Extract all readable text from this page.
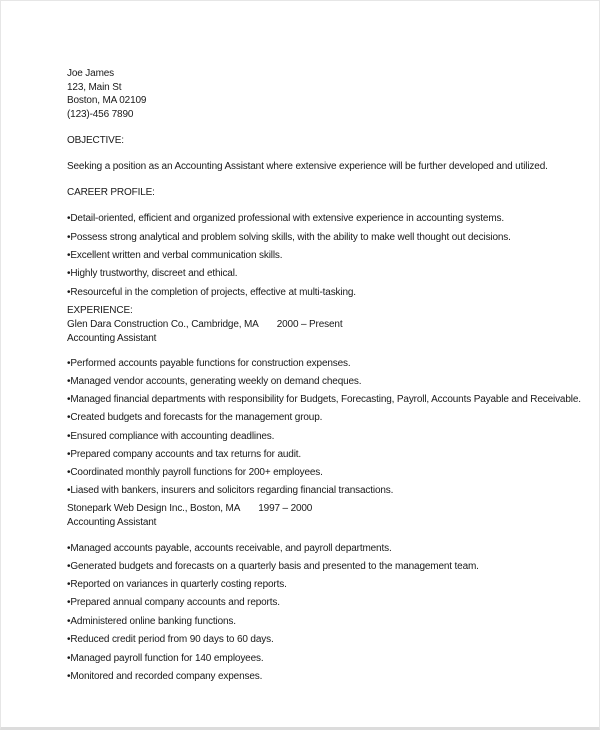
Joe James
123, Main St
Boston, MA 02109
(123)-456 7890
OBJECTIVE:
Seeking a position as an Accounting Assistant where extensive experience will be further developed and utilized.
CAREER PROFILE:
•Detail-oriented, efficient and organized professional with extensive experience in accounting systems.
•Possess strong analytical and problem solving skills, with the ability to make well thought out decisions.
•Excellent written and verbal communication skills.
•Highly trustworthy, discreet and ethical.
•Resourceful in the completion of projects, effective at multi-tasking.
EXPERIENCE:
Glen Dara Construction Co., Cambridge, MA 2000 – Present
Accounting Assistant
•Performed accounts payable functions for construction expenses.
•Managed vendor accounts, generating weekly on demand cheques.
•Managed financial departments with responsibility for Budgets, Forecasting, Payroll, Accounts Payable and Receivable.
•Created budgets and forecasts for the management group.
•Ensured compliance with accounting deadlines.
•Prepared company accounts and tax returns for audit.
•Coordinated monthly payroll functions for 200+ employees.
•Liased with bankers, insurers and solicitors regarding financial transactions.
Stonepark Web Design Inc., Boston, MA 1997 – 2000
Accounting Assistant
•Managed accounts payable, accounts receivable, and payroll departments.
•Generated budgets and forecasts on a quarterly basis and presented to the management team.
•Reported on variances in quarterly costing reports.
•Prepared annual company accounts and reports.
•Administered online banking functions.
•Reduced credit period from 90 days to 60 days.
•Managed payroll function for 140 employees.
•Monitored and recorded company expenses.
